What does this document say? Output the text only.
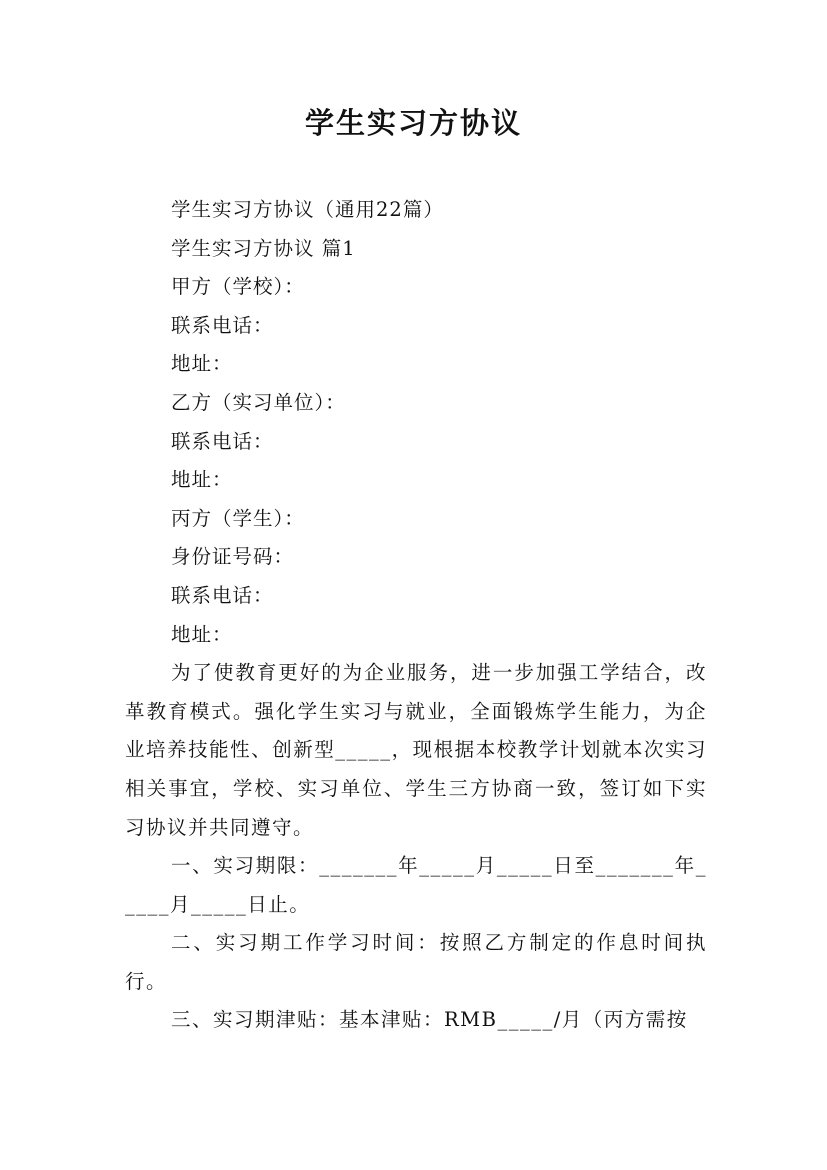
学生实习方协议

学生实习方协议（通用22篇）

学生实习方协议 篇1

甲方（学校）：

联系电话：

地址：

乙方（实习单位）：

联系电话：

地址：

丙方（学生）：

身份证号码：

联系电话：

地址：

为了使教育更好的为企业服务，进一步加强工学结合，改革教育模式。强化学生实习与就业，全面锻炼学生能力，为企业培养技能性、创新型_____，现根据本校教学计划就本次实习相关事宜，学校、实习单位、学生三方协商一致，签订如下实习协议并共同遵守。

一、实习期限：_______年_____月_____日至_______年_____月_____日止。

二、实习期工作学习时间：按照乙方制定的作息时间执行。

三、实习期津贴：基本津贴：RMB_____/月（丙方需按
